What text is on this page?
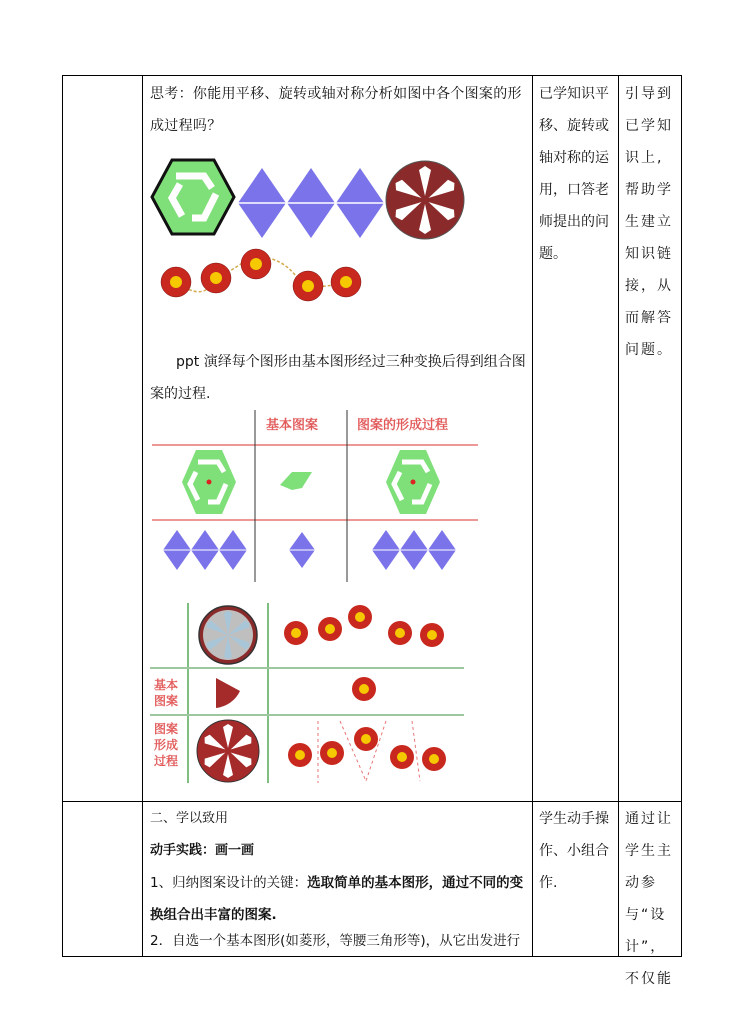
思考：你能用平移、旋转或轴对称分析如图中各个图案的形成过程吗？
已学知识平移、旋转或轴对称的运用，口答老师提出的问题。
引导到已学知识上,帮助学生建立知识链接，从而解答问题。
ppt 演绎每个图形由基本图形经过三种变换后得到组合图案的过程.
基本图案	图案的形成过程
基本
图案
图案
形成
过程
二、学以致用
动手实践：画一画
1、归纳图案设计的关键：选取简单的基本图形，通过不同的变换组合出丰富的图案.
2．自选一个基本图形(如菱形，等腰三角形等)，从它出发进行
学生动手操作、小组合作.
通过让学生主动参与“设计”，不仅能
